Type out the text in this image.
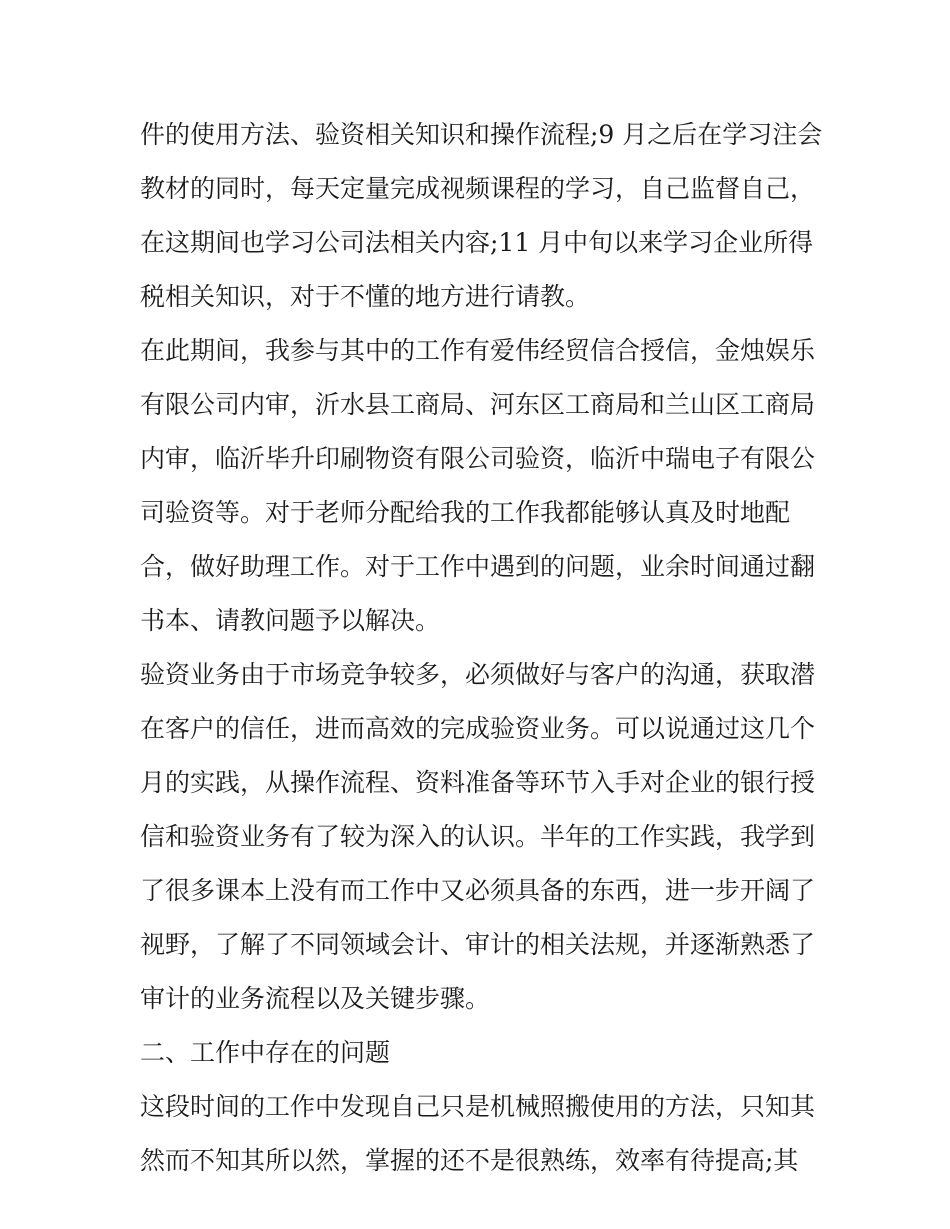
件的使用方法、验资相关知识和操作流程;9 月之后在学习注会
教材的同时，每天定量完成视频课程的学习，自己监督自己，
在这期间也学习公司法相关内容;11 月中旬以来学习企业所得
税相关知识，对于不懂的地方进行请教。
在此期间，我参与其中的工作有爱伟经贸信合授信，金烛娱乐
有限公司内审，沂水县工商局、河东区工商局和兰山区工商局
内审，临沂毕升印刷物资有限公司验资，临沂中瑞电子有限公
司验资等。对于老师分配给我的工作我都能够认真及时地配
合，做好助理工作。对于工作中遇到的问题，业余时间通过翻
书本、请教问题予以解决。
验资业务由于市场竞争较多，必须做好与客户的沟通，获取潜
在客户的信任，进而高效的完成验资业务。可以说通过这几个
月的实践，从操作流程、资料准备等环节入手对企业的银行授
信和验资业务有了较为深入的认识。半年的工作实践，我学到
了很多课本上没有而工作中又必须具备的东西，进一步开阔了
视野，了解了不同领域会计、审计的相关法规，并逐渐熟悉了
审计的业务流程以及关键步骤。
二、工作中存在的问题
这段时间的工作中发现自己只是机械照搬使用的方法，只知其
然而不知其所以然，掌握的还不是很熟练，效率有待提高;其
